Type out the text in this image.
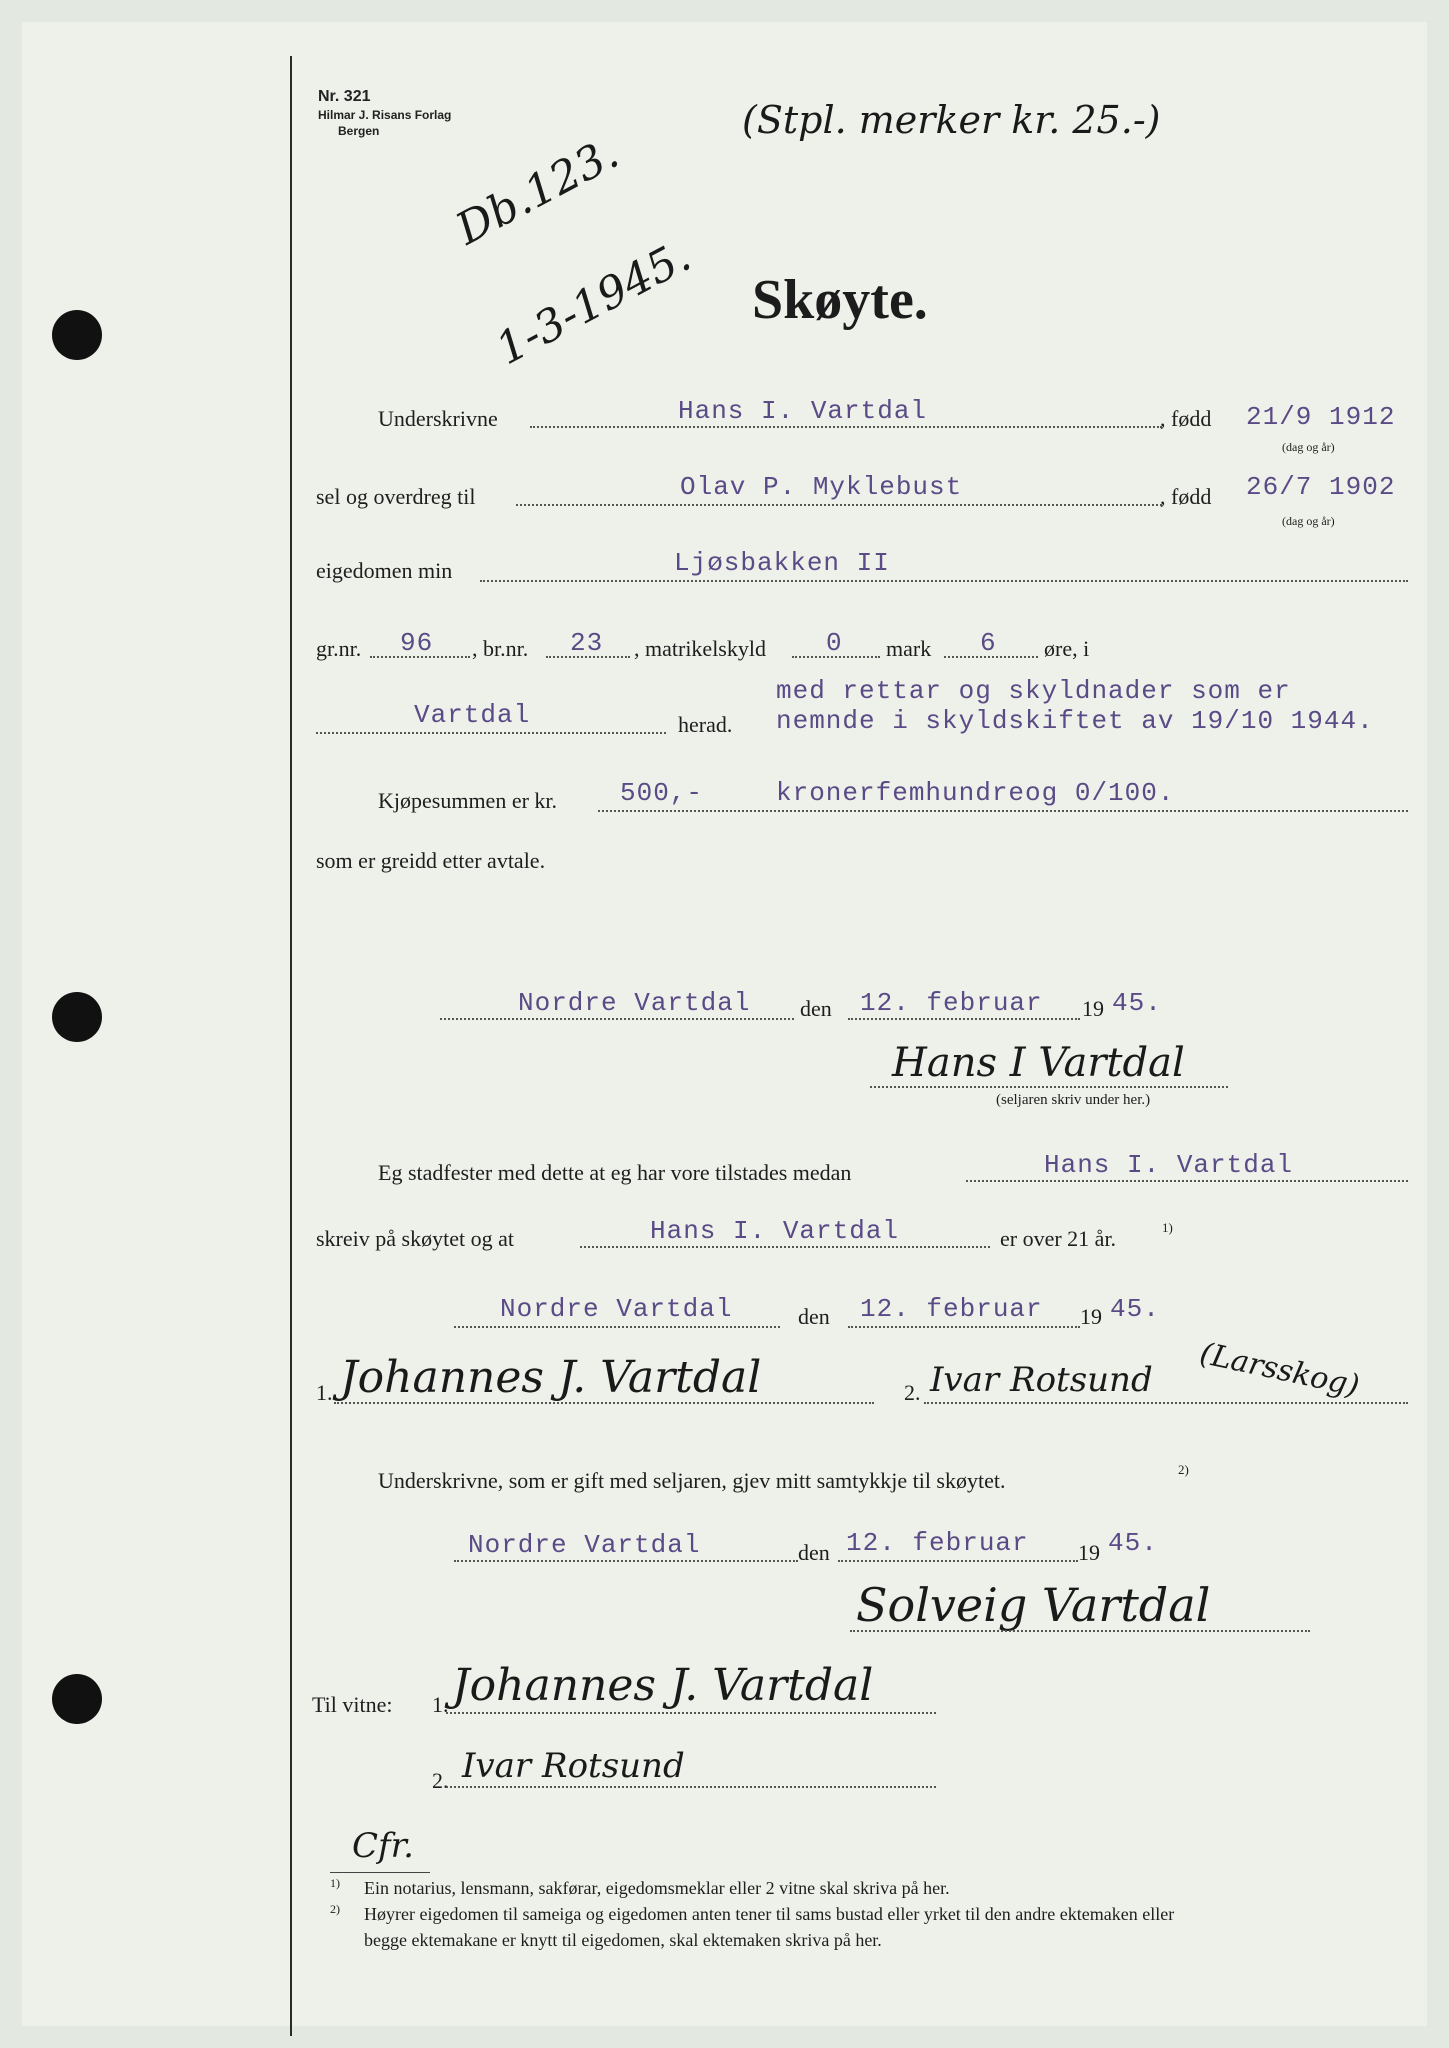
Nr. 321
Hilmar J. Risans Forlag
Bergen Db.123.
1-3-1945.
(Stpl. merker kr. 25.-)
Skøyte.
Underskrivne	Hans I. Vartdal	, fødd 21/9 1912
(dag og år)
sel og overdreg til	Olav P. Myklebust	, fødd 26/7 1902
(dag og år)
eigedomen min	Ljøsbakken II
gr.nr. 96 , br.nr. 23 , matrikelskyld 0 mark 6 øre, i
Vartdal	herad.
med rettar og skyldnader som er
nemnde i skyldskiftet av 19/10 1944.
Kjøpesummen er kr. 500,-	kronerfemhundreog 0/100.
som er greidd etter avtale.
Nordre Vartdal den 12. februar 19 45.
Hans I Vartdal
(seljaren skriv under her.)
Eg stadfester med dette at eg har vore tilstades medan	Hans I. Vartdal
skreiv på skøytet og at	Hans I. Vartdal	er over 21 år.	1)
Nordre Vartdal	den 12. februar 19 45.
1. Johannes J. Vartdal	2. Ivar Rotsund (Larsskog)
Underskrivne, som er gift med seljaren, gjev mitt samtykkje til skøytet.	2)
Nordre Vartdal	den 12. februar 19 45.
Solveig Vartdal
Til vitne: 1. Johannes J. Vartdal
2. Ivar Rotsund
Cfr.
1) Ein notarius, lensmann, sakførar, eigedomsmeklar eller 2 vitne skal skriva på her.
2) Høyrer eigedomen til sameiga og eigedomen anten tener til sams bustad eller yrket til den andre ektemaken eller
begge ektemakane er knytt til eigedomen, skal ektemaken skriva på her.
